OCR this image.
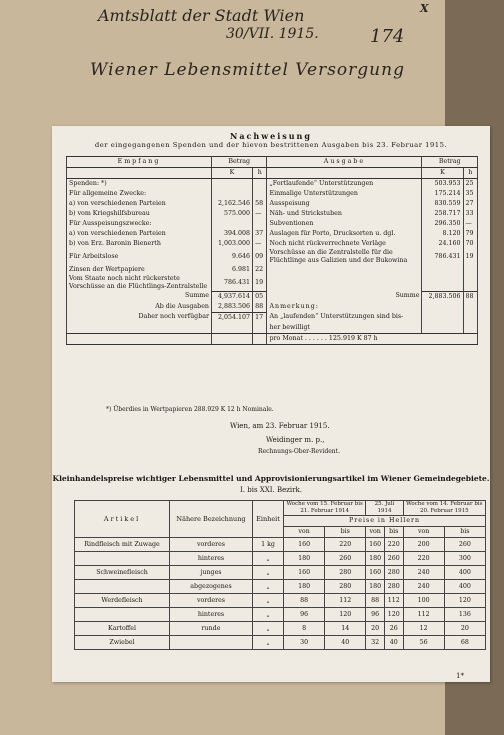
Amtsblatt der Stadt Wien
30/VII. 1915.	174
Wiener Lebensmittel Versorgung
X
Nachweisung
der eingegangenen Spenden und der hievon bestrittenen Ausgaben bis 23. Februar 1915.
Empfang	Betrag		Ausgabe	Betrag	
	K	h		K	h
Spenden: *)			„Fortlaufende“ Unterstützungen	503.953	25
Für allgemeine Zwecke:			Einmalige Unterstützungen	175.214	35
a) von verschiedenen Parteien	2,162.546	58	Ausspeisung	830.559	27
b) vom Kriegshilfsbureau	575.000	—	Näh- und Strickstuben	258.717	33
Für Ausspeisungszwecke:			Subventionen	296.350	—
a) von verschiedenen Parteien	394.008	37	Auslagen für Porto, Drucksorten u. dgl.	8.120	79
b) von Erz. Baronin Bienerth	1,003.000	—	Noch nicht rückverrechnete Verläge	24.160	70
Für Arbeitslose	9.646	09	Vorschüsse an die Zentralstelle für die Flüchtlinge aus Galizien und der Bukowina	786.431	19
Zinsen der Wertpapiere	6.981	22			
Vom Staate noch nicht rückerstete Vorschüsse an die Flüchtlings-Zentralstelle	786.431	19			
Summe	4,937.614	05	Summe	2,883.506	88
Ab die Ausgaben	2,883.506	88	Anmerkung:		
Daher noch verfügbar	2,054.107	17	An „laufenden“ Unterstützungen sind bis-		
			her bewilligt		
			pro Monat . . . . . . 125.919 K 87 h		
*) Überdies in Wertpapieren 288.929 K 12 h Nominale.
Wien, am 23. Februar 1915.
Weidinger m. p.,
Rechnungs-Ober-Revident.
Kleinhandelspreise wichtiger Lebensmittel und Approvisionierungsartikel im Wiener Gemeindegebiete.
I. bis XXI. Bezirk.
Artikel	Nähere Bezeichnung	Einheit	Woche vom 15. Februar bis 21. Februar 1914		25. Juli 1914		Woche vom 14. Februar bis 20. Februar 1915	
			Preise in Hellern					
			von	bis	von	bis	von	bis
Rindfleisch mit Zuwage	vorderes	1 kg	160	220	160	220	200	260
	hinteres	„	180	260	180	260	220	300
Schweinefleisch	junges	„	160	280	160	280	240	400
	abgezogenes	„	180	280	180	280	240	400
Werdefleisch	vorderes	„	88	112	88	112	100	120
	hinteres	„	96	120	96	120	112	136
Kartoffel	runde	„	8	14	20	26	12	20
Zwiebel		„	30	40	32	40	56	68
1*
